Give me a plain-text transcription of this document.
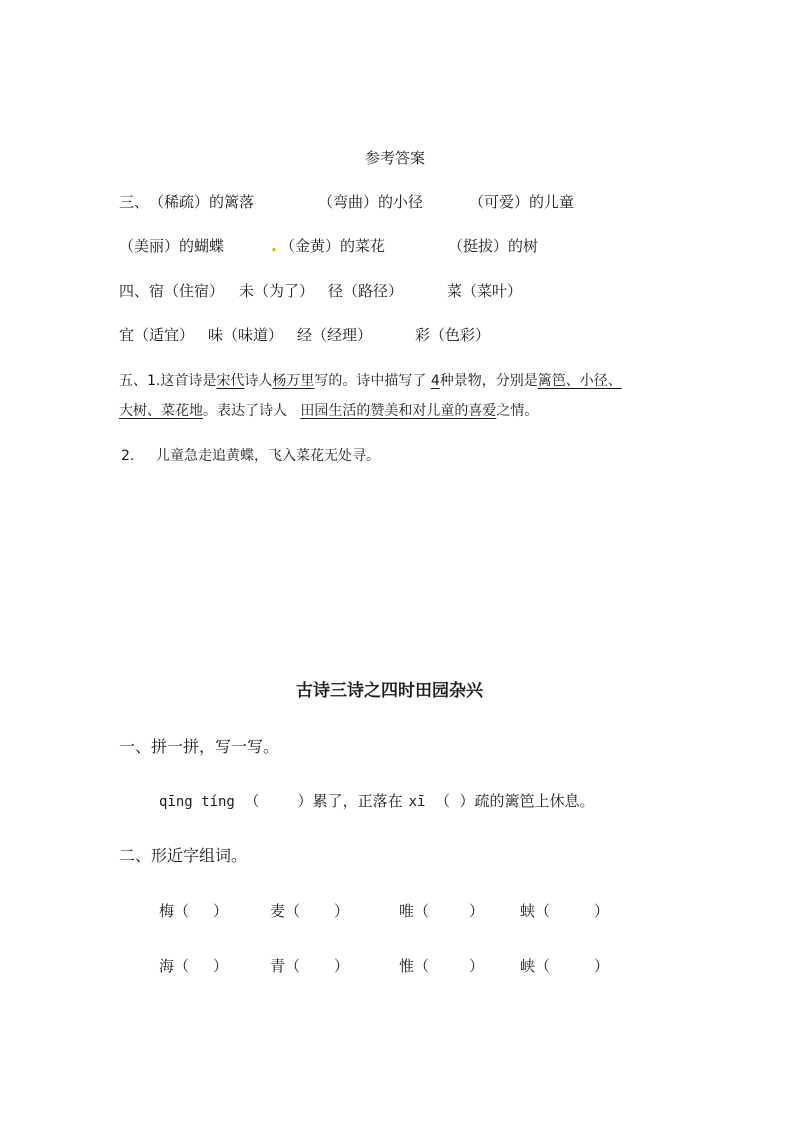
参考答案
三、 （稀疏）的篱落	（弯曲）的小径	（可爱）的儿童
（美丽）的蝴蝶	. （金黄）的菜花	（挺拔）的树
四、 宿（住宿） 未（为了） 径（路径）	菜（菜叶）
宜（适宜） 味（味道） 经（经理）	彩（色彩）
五、1.这首诗是宋代诗人杨万里写的。诗中描写了 4种景物，分别是篱笆、小径、
大树、菜花地。表达了诗人 田园生活的赞美和对儿童的喜爱之情。
2. 儿童急走追黄蝶，飞入菜花无处寻。
古诗三诗之四时田园杂兴
一、拼一拼，写一写。
qīng tíng （        ）累了，正落在 xī （  ）疏的篱笆上休息。
二、形近字组词。
梅（ ）	麦（ ）	唯（	） 蛱（	）
海（ ）	青（ ）	惟（	） 峡（	）
